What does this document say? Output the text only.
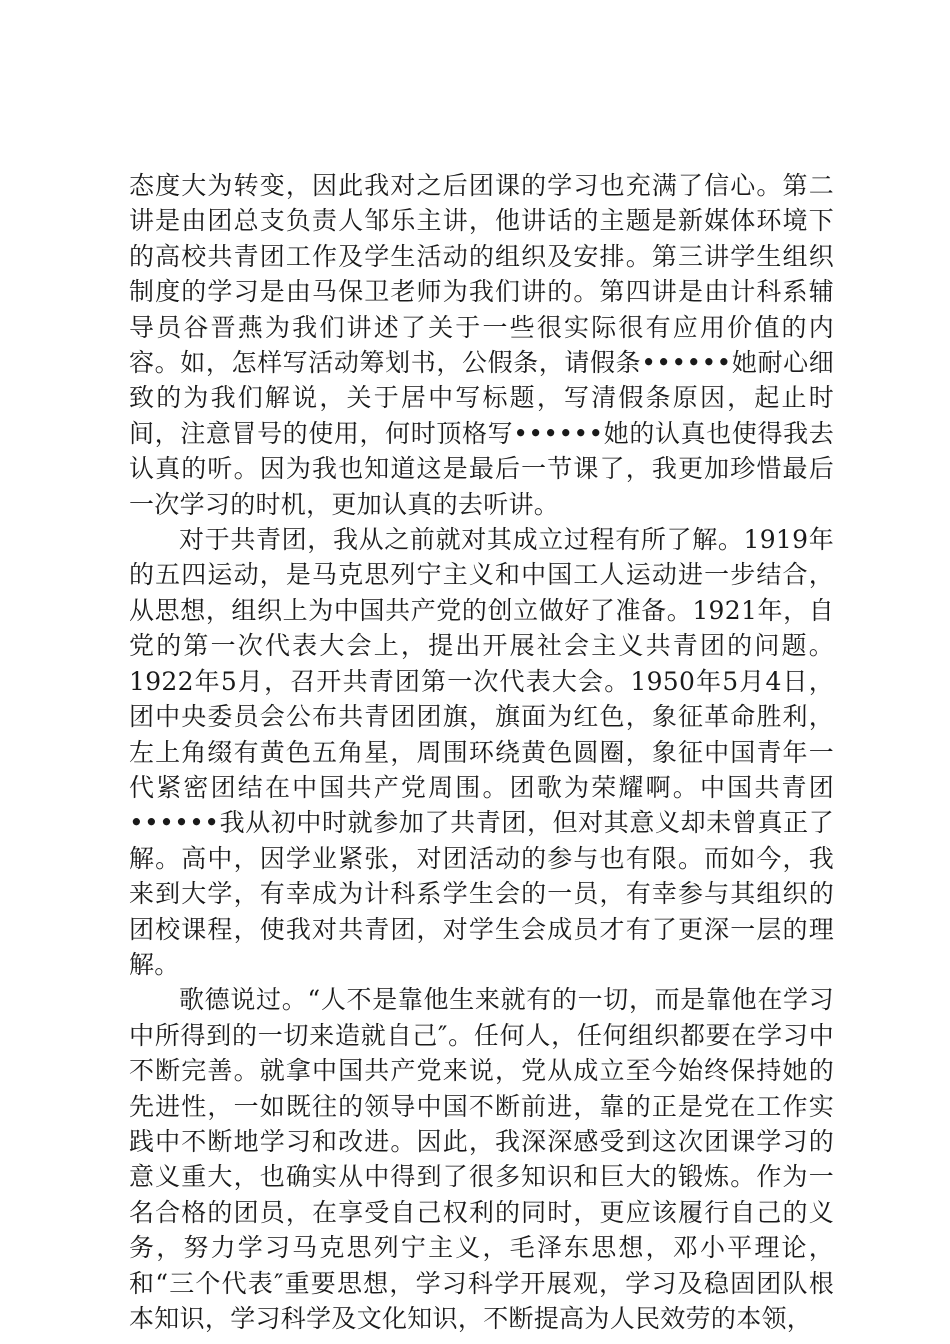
态度大为转变，因此我对之后团课的学习也充满了信心。第二讲是由团总支负责人邹乐主讲，他讲话的主题是新媒体环境下的高校共青团工作及学生活动的组织及安排。第三讲学生组织制度的学习是由马保卫老师为我们讲的。第四讲是由计科系辅导员谷晋燕为我们讲述了关于一些很实际很有应用价值的内容。如，怎样写活动筹划书，公假条，请假条••••••她耐心细致的为我们解说，关于居中写标题，写清假条原因，起止时间，注意冒号的使用，何时顶格写••••••她的认真也使得我去认真的听。因为我也知道这是最后一节课了，我更加珍惜最后一次学习的时机，更加认真的去听讲。

对于共青团，我从之前就对其成立过程有所了解。1919年的五四运动，是马克思列宁主义和中国工人运动进一步结合，从思想，组织上为中国共产党的创立做好了准备。1921年，自党的第一次代表大会上，提出开展社会主义共青团的问题。1922年5月，召开共青团第一次代表大会。1950年5月4日，团中央委员会公布共青团团旗，旗面为红色，象征革命胜利，左上角缀有黄色五角星，周围环绕黄色圆圈，象征中国青年一代紧密团结在中国共产党周围。团歌为荣耀啊。中国共青团••••••我从初中时就参加了共青团，但对其意义却未曾真正了解。高中，因学业紧张，对团活动的参与也有限。而如今，我来到大学，有幸成为计科系学生会的一员，有幸参与其组织的团校课程，使我对共青团，对学生会成员才有了更深一层的理解。

歌德说过。“人不是靠他生来就有的一切，而是靠他在学习中所得到的一切来造就自己″。任何人，任何组织都要在学习中不断完善。就拿中国共产党来说，党从成立至今始终保持她的先进性，一如既往的领导中国不断前进，靠的正是党在工作实践中不断地学习和改进。因此，我深深感受到这次团课学习的意义重大，也确实从中得到了很多知识和巨大的锻炼。作为一名合格的团员，在享受自己权利的同时，更应该履行自己的义务，努力学习马克思列宁主义，毛泽东思想，邓小平理论，和“三个代表″重要思想，学习科学开展观，学习及稳固团队根本知识，学习科学及文化知识，不断提高为人民效劳的本领，
